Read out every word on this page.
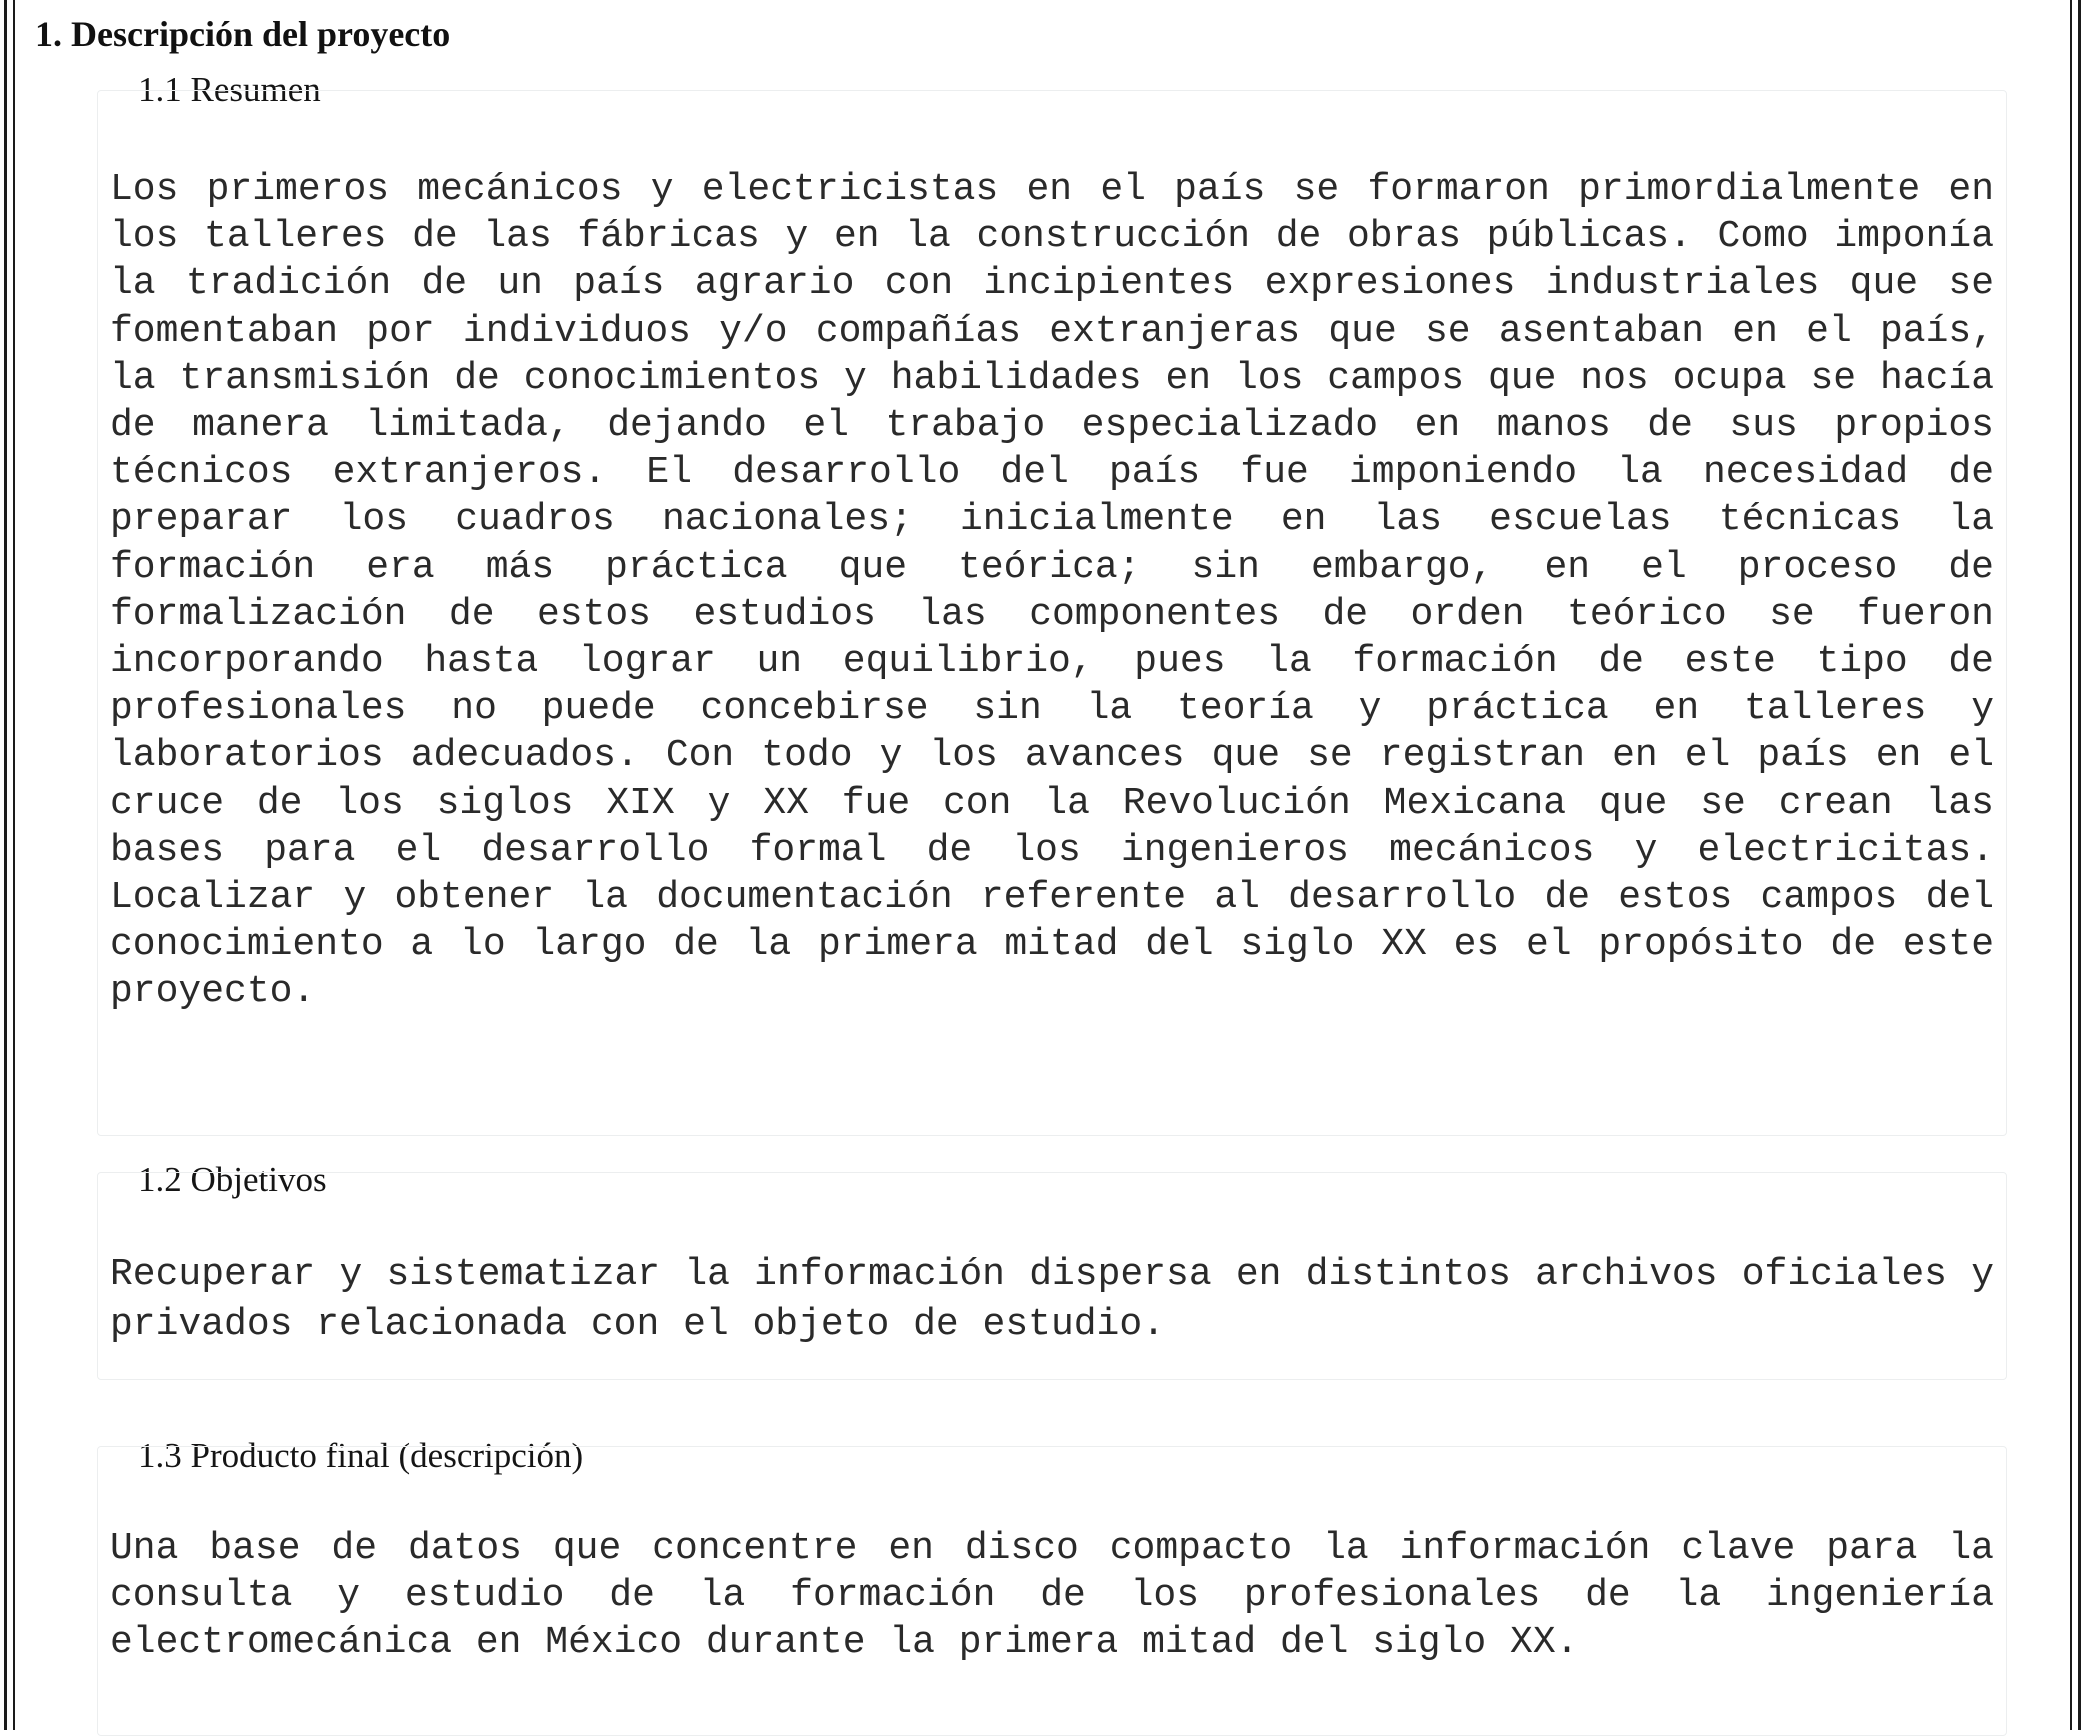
1. Descripción del proyecto
1.1 Resumen

Los primeros mecánicos y electricistas en el país se formaron primordialmente en los talleres de las fábricas y en la construcción de obras públicas. Como imponía la tradición de un país agrario con incipientes expresiones industriales que se fomentaban por individuos y/o compañías extranjeras que se asentaban en el país, la transmisión de conocimientos y habilidades en los campos que nos ocupa se hacía de manera limitada, dejando el trabajo especializado en manos de sus propios técnicos extranjeros. El desarrollo del país fue imponiendo la necesidad de preparar los cuadros nacionales; inicialmente en las escuelas técnicas la formación era más práctica que teórica; sin embargo, en el proceso de formalización de estos estudios las componentes de orden teórico se fueron incorporando hasta lograr un equilibrio, pues la formación de este tipo de profesionales no puede concebirse sin la teoría y práctica en talleres y laboratorios adecuados. Con todo y los avances que se registran en el país en el cruce de los siglos XIX y XX fue con la Revolución Mexicana que se crean las bases para el desarrollo formal de los ingenieros mecánicos y electricitas. Localizar y obtener la documentación referente al desarrollo de estos campos del conocimiento a lo largo de la primera mitad del siglo XX es el propósito de este proyecto.

1.2 Objetivos

Recuperar y sistematizar la información dispersa en distintos archivos oficiales y privados relacionada con el objeto de estudio.

1.3 Producto final (descripción)

Una base de datos que concentre en disco compacto la información clave para la consulta y estudio de la formación de los profesionales de la ingeniería electromecánica en México durante la primera mitad del siglo XX.
